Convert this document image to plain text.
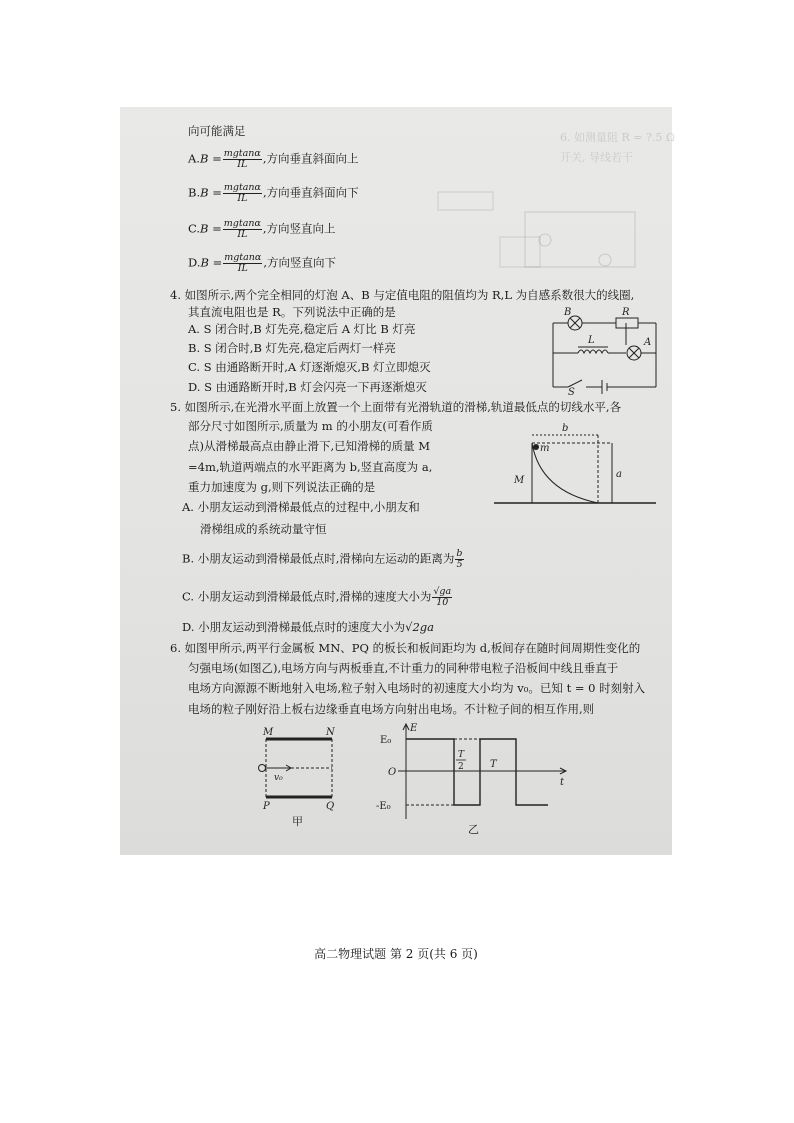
6. 如测量阻 R = ?.5 Ω
开关, 导线若干
向可能满足
$A.B = \frac{mgtan\alpha}{IL}$ ,方向垂直斜面向上
$B.B = \frac{mgtan\alpha}{IL}$ ,方向垂直斜面向下
$C.B = \frac{mgtan\alpha}{IL}$ ,方向竖直向上
$D.B = \frac{mgtan\alpha}{IL}$ ,方向竖直向下
4. 如图所示,两个完全相同的灯泡 A、B 与定值电阻的阻值均为 R,L 为自感系数很大的线圈,
其直流电阻也是 R。下列说法中正确的是
A. S 闭合时,B 灯先亮,稳定后 A 灯比 B 灯亮
B. S 闭合时,B 灯先亮,稳定后两灯一样亮
C. S 由通路断开时,A 灯逐渐熄灭,B 灯立即熄灭
D. S 由通路断开时,B 灯会闪亮一下再逐渐熄灭
B	R
L	A
S
5. 如图所示,在光滑水平面上放置一个上面带有光滑轨道的滑梯,轨道最低点的切线水平,各
部分尺寸如图所示,质量为 m 的小朋友(可看作质
点)从滑梯最高点由静止滑下,已知滑梯的质量 M
=4m,轨道两端点的水平距离为 b,竖直高度为 a,
重力加速度为 g,则下列说法正确的是
b
a
m
M
A. 小朋友运动到滑梯最低点的过程中,小朋友和
滑梯组成的系统动量守恒
B. 小朋友运动到滑梯最低点时,滑梯向左运动的距离为 $\frac{b}{5}$
C. 小朋友运动到滑梯最低点时,滑梯的速度大小为 $\frac{√ga}{10}$
D. 小朋友运动到滑梯最低点时的速度大小为√2ga
6. 如图甲所示,两平行金属板 MN、PQ 的板长和板间距均为 d,板间存在随时间周期性变化的
匀强电场(如图乙),电场方向与两板垂直,不计重力的同种带电粒子沿板间中线且垂直于
电场方向源源不断地射入电场,粒子射入电场时的初速度大小均为 v₀。已知 t = 0 时刻射入
电场的粒子刚好沿上板右边缘垂直电场方向射出电场。不计粒子间的相互作用,则
M	N
P	Q
v₀
甲
E
E₀
O
-E₀
T
2	T
t
乙
高二物理试题 第 2 页(共 6 页)
